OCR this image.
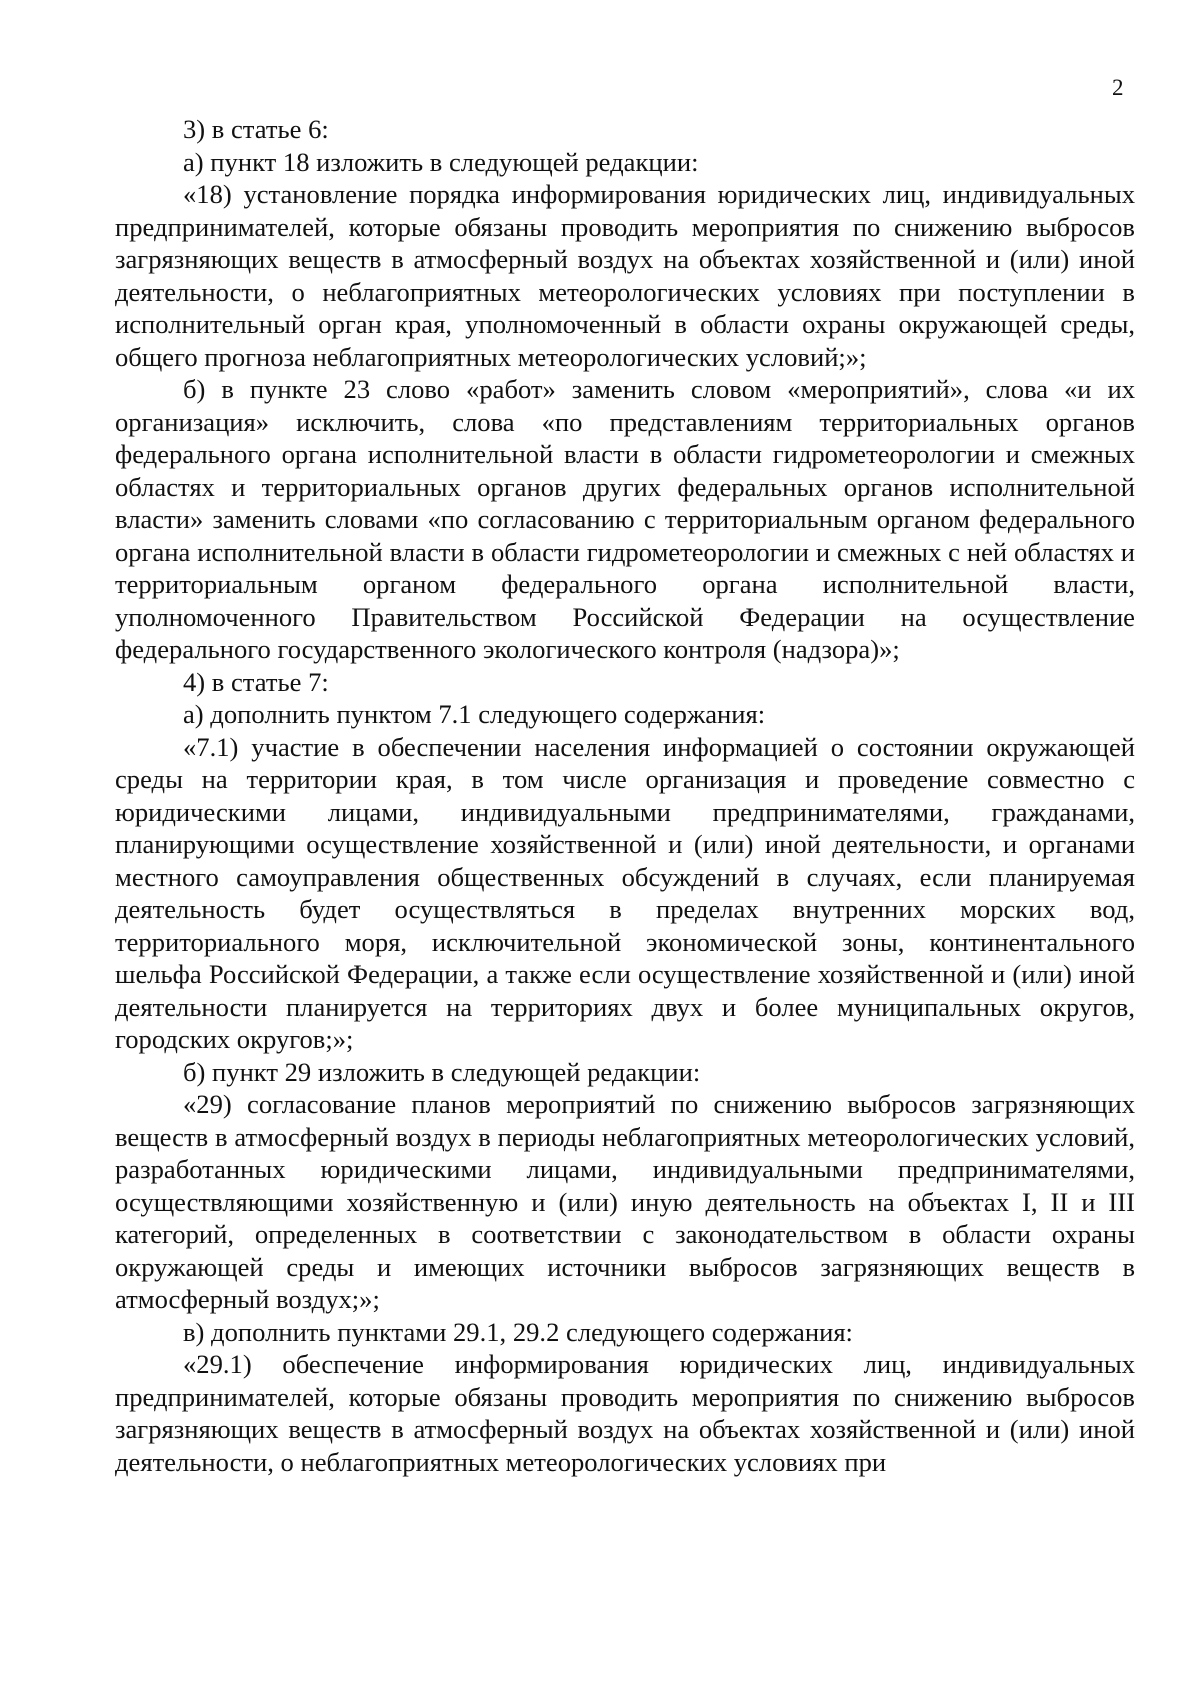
2

3) в статье 6:

а) пункт 18 изложить в следующей редакции:

«18) установление порядка информирования юридических лиц, индивидуальных предпринимателей, которые обязаны проводить мероприятия по снижению выбросов загрязняющих веществ в атмосферный воздух на объектах хозяйственной и (или) иной деятельности, о неблагоприятных метеорологических условиях при поступлении в исполнительный орган края, уполномоченный в области охраны окружающей среды, общего прогноза неблагоприятных метеорологических условий;»;

б) в пункте 23 слово «работ» заменить словом «мероприятий», слова «и их организация» исключить, слова «по представлениям территориальных органов федерального органа исполнительной власти в области гидрометеорологии и смежных областях и территориальных органов других федеральных органов исполнительной власти» заменить словами «по согласованию с территориальным органом федерального органа исполнительной власти в области гидрометеорологии и смежных с ней областях и территориальным органом федерального органа исполнительной власти, уполномоченного Правительством Российской Федерации на осуществление федерального государственного экологического контроля (надзора)»;

4) в статье 7:

а) дополнить пунктом 7.1 следующего содержания:

«7.1) участие в обеспечении населения информацией о состоянии окружающей среды на территории края, в том числе организация и проведение совместно с юридическими лицами, индивидуальными предпринимателями, гражданами, планирующими осуществление хозяйственной и (или) иной деятельности, и органами местного самоуправления общественных обсуждений в случаях, если планируемая деятельность будет осуществляться в пределах внутренних морских вод, территориального моря, исключительной экономической зоны, континентального шельфа Российской Федерации, а также если осуществление хозяйственной и (или) иной деятельности планируется на территориях двух и более муниципальных округов, городских округов;»;

б) пункт 29 изложить в следующей редакции:

«29) согласование планов мероприятий по снижению выбросов загрязняющих веществ в атмосферный воздух в периоды неблагоприятных метеорологических условий, разработанных юридическими лицами, индивидуальными предпринимателями, осуществляющими хозяйственную и (или) иную деятельность на объектах I, II и III категорий, определенных в соответствии с законодательством в области охраны окружающей среды и имеющих источники выбросов загрязняющих веществ в атмосферный воздух;»;

в) дополнить пунктами 29.1, 29.2 следующего содержания:

«29.1) обеспечение информирования юридических лиц, индивидуальных предпринимателей, которые обязаны проводить мероприятия по снижению выбросов загрязняющих веществ в атмосферный воздух на объектах хозяйственной и (или) иной деятельности, о неблагоприятных метеорологических условиях при
